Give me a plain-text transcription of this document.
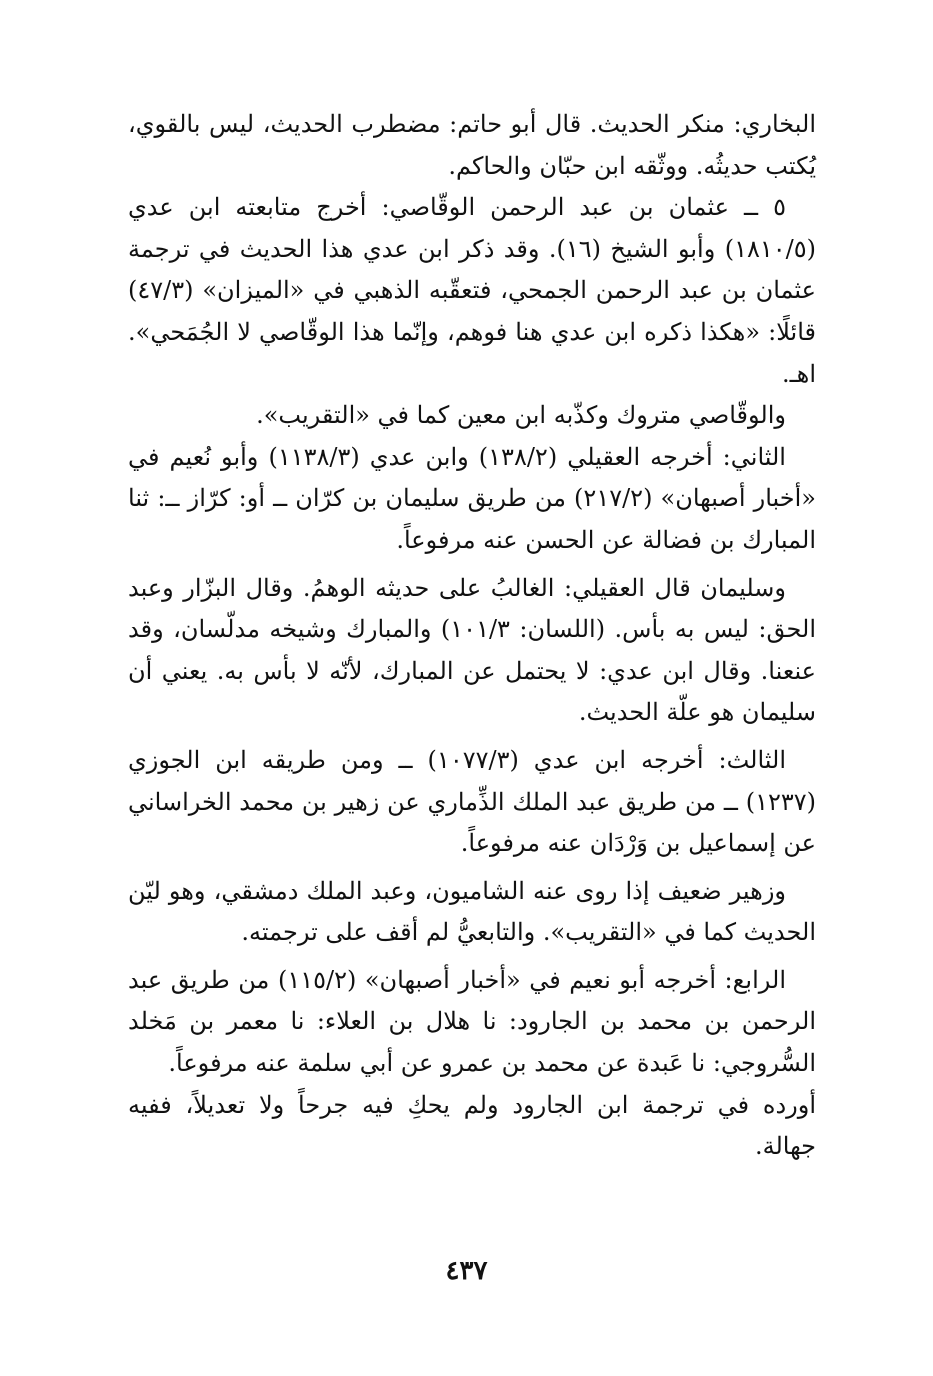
البخاري: منكر الحديث. قال أبو حاتم: مضطرب الحديث، ليس بالقوي، يُكتب حديثُه. ووثّقه ابن حبّان والحاكم.

٥ ــ عثمان بن عبد الرحمن الوقّاصي: أخرج متابعته ابن عدي (١٨١٠/٥) وأبو الشيخ (١٦). وقد ذكر ابن عدي هذا الحديث في ترجمة عثمان بن عبد الرحمن الجمحي، فتعقّبه الذهبي في «الميزان» (٤٧/٣) قائلًا: «هكذا ذكره ابن عدي هنا فوهم، وإنّما هذا الوقّاصي لا الجُمَحي». اهـ.

والوقّاصي متروك وكذّبه ابن معين كما في «التقريب».

الثاني: أخرجه العقيلي (١٣٨/٢) وابن عدي (١١٣٨/٣) وأبو نُعيم في «أخبار أصبهان» (٢١٧/٢) من طريق سليمان بن كرّان ــ أو: كرّاز ــ: ثنا المبارك بن فضالة عن الحسن عنه مرفوعاً.

وسليمان قال العقيلي: الغالبُ على حديثه الوهمُ. وقال البزّار وعبد الحق: ليس به بأس. (اللسان: ١٠١/٣) والمبارك وشيخه مدلّسان، وقد عنعنا. وقال ابن عدي: لا يحتمل عن المبارك، لأنّه لا بأس به. يعني أن سليمان هو علّة الحديث.

الثالث: أخرجه ابن عدي (١٠٧٧/٣) ــ ومن طريقه ابن الجوزي (١٢٣٧) ــ من طريق عبد الملك الذِّماري عن زهير بن محمد الخراساني عن إسماعيل بن وَرْدَان عنه مرفوعاً.

وزهير ضعيف إذا روى عنه الشاميون، وعبد الملك دمشقي، وهو ليّن الحديث كما في «التقريب». والتابعيُّ لم أقف على ترجمته.

الرابع: أخرجه أبو نعيم في «أخبار أصبهان» (١١٥/٢) من طريق عبد الرحمن بن محمد بن الجارود: نا هلال بن العلاء: نا معمر بن مَخلد السُّروجي: نا عَبدة عن محمد بن عمرو عن أبي سلمة عنه مرفوعاً.

أورده في ترجمة ابن الجارود ولم يحكِ فيه جرحاً ولا تعديلاً، ففيه جهالة.

٤٣٧
